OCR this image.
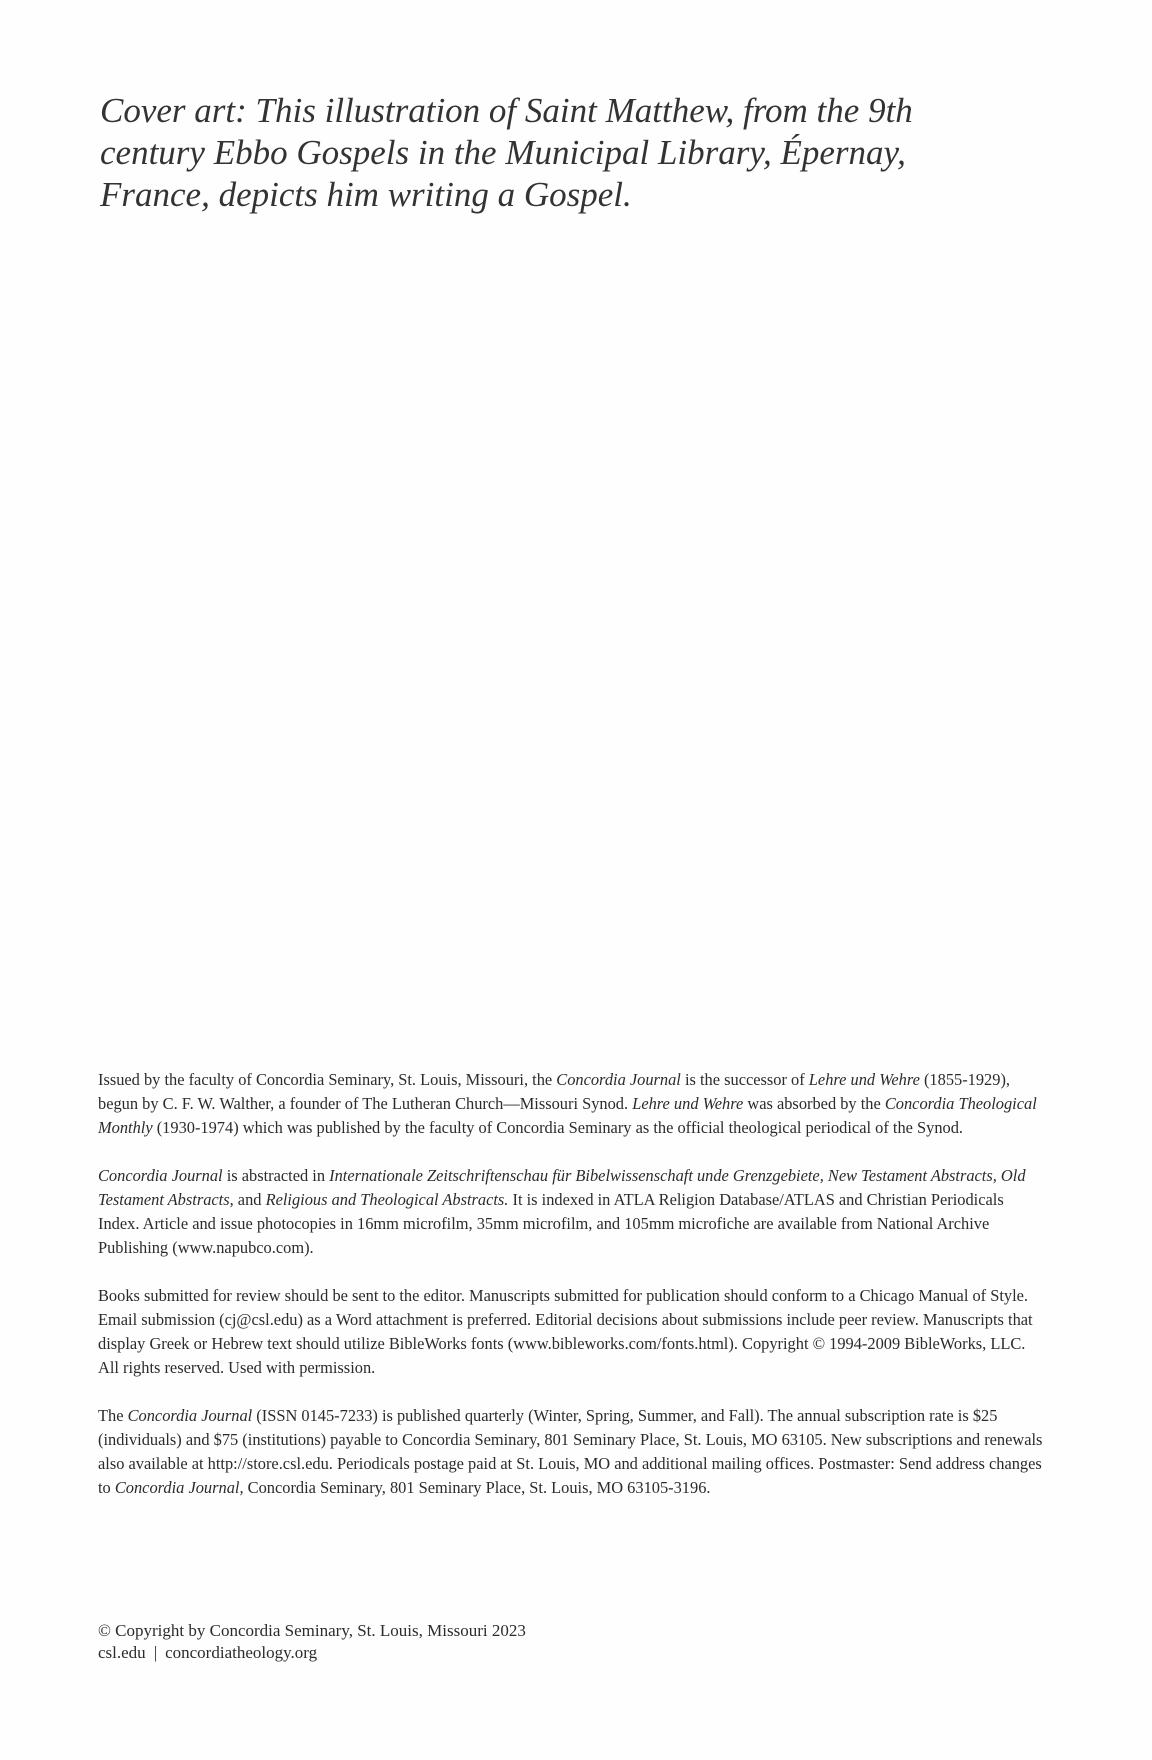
Cover art: This illustration of Saint Matthew, from the 9th century Ebbo Gospels in the Municipal Library, Épernay, France, depicts him writing a Gospel.

Issued by the faculty of Concordia Seminary, St. Louis, Missouri, the Concordia Journal is the successor of Lehre und Wehre (1855-1929), begun by C. F. W. Walther, a founder of The Lutheran Church—Missouri Synod. Lehre und Wehre was absorbed by the Concordia Theological Monthly (1930-1974) which was published by the faculty of Concordia Seminary as the official theological periodical of the Synod.

Concordia Journal is abstracted in Internationale Zeitschriftenschau für Bibelwissenschaft unde Grenzgebiete, New Testament Abstracts, Old Testament Abstracts, and Religious and Theological Abstracts. It is indexed in ATLA Religion Database/ATLAS and Christian Periodicals Index. Article and issue photocopies in 16mm microfilm, 35mm microfilm, and 105mm microfiche are available from National Archive Publishing (www.napubco.com).

Books submitted for review should be sent to the editor. Manuscripts submitted for publication should conform to a Chicago Manual of Style. Email submission (cj@csl.edu) as a Word attachment is preferred. Editorial decisions about submissions include peer review. Manuscripts that display Greek or Hebrew text should utilize BibleWorks fonts (www.bibleworks.com/fonts.html). Copyright © 1994-2009 BibleWorks, LLC. All rights reserved. Used with permission.

The Concordia Journal (ISSN 0145-7233) is published quarterly (Winter, Spring, Summer, and Fall). The annual subscription rate is $25 (individuals) and $75 (institutions) payable to Concordia Seminary, 801 Seminary Place, St. Louis, MO 63105. New subscriptions and renewals also available at http://store.csl.edu. Periodicals postage paid at St. Louis, MO and additional mailing offices. Postmaster: Send address changes to Concordia Journal, Concordia Seminary, 801 Seminary Place, St. Louis, MO 63105-3196.

© Copyright by Concordia Seminary, St. Louis, Missouri 2023
csl.edu | concordiatheology.org
